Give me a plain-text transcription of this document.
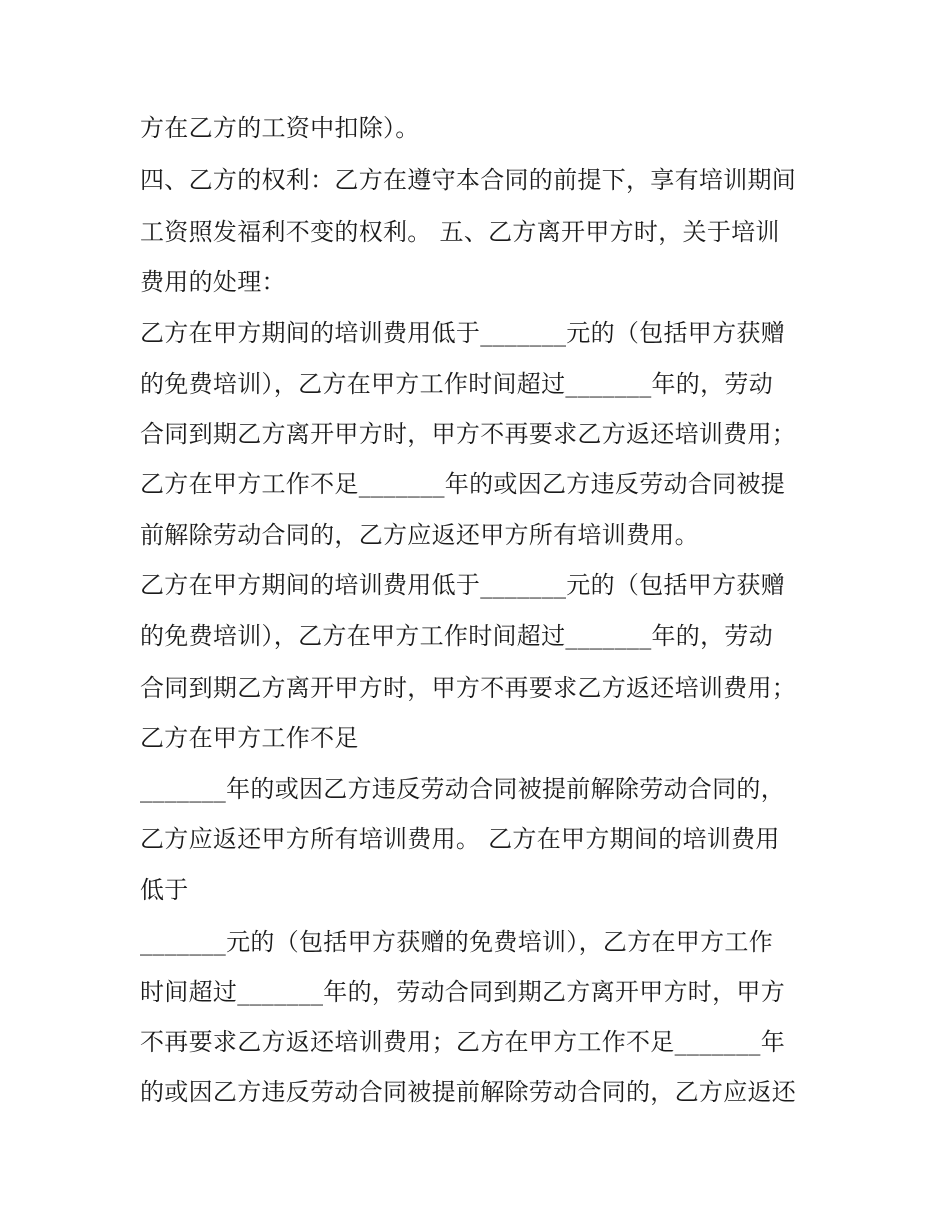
方在乙方的工资中扣除）。
四、乙方的权利：乙方在遵守本合同的前提下，享有培训期间
工资照发福利不变的权利。 五、乙方离开甲方时，关于培训
费用的处理：
乙方在甲方期间的培训费用低于_______元的（包括甲方获赠
的免费培训），乙方在甲方工作时间超过_______年的，劳动
合同到期乙方离开甲方时，甲方不再要求乙方返还培训费用；
乙方在甲方工作不足_______年的或因乙方违反劳动合同被提
前解除劳动合同的，乙方应返还甲方所有培训费用。
乙方在甲方期间的培训费用低于_______元的（包括甲方获赠
的免费培训），乙方在甲方工作时间超过_______年的，劳动
合同到期乙方离开甲方时，甲方不再要求乙方返还培训费用；
乙方在甲方工作不足
_______年的或因乙方违反劳动合同被提前解除劳动合同的，
乙方应返还甲方所有培训费用。 乙方在甲方期间的培训费用
低于
_______元的（包括甲方获赠的免费培训），乙方在甲方工作
时间超过_______年的，劳动合同到期乙方离开甲方时，甲方
不再要求乙方返还培训费用；乙方在甲方工作不足_______年
的或因乙方违反劳动合同被提前解除劳动合同的，乙方应返还
